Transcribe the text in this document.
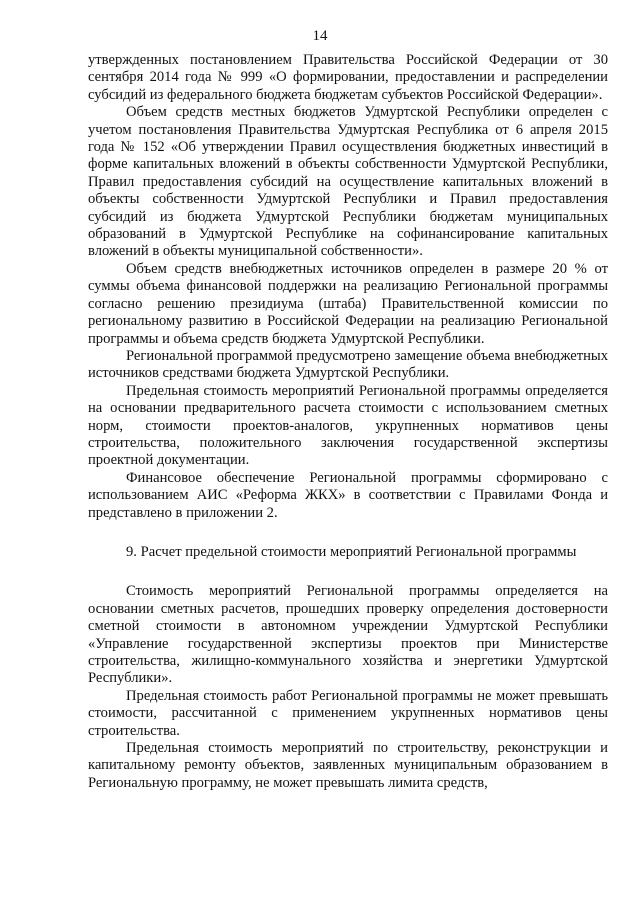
14

утвержденных постановлением Правительства Российской Федерации от 30 сентября 2014 года № 999 «О формировании, предоставлении и распределении субсидий из федерального бюджета бюджетам субъектов Российской Федерации».

Объем средств местных бюджетов Удмуртской Республики определен с учетом постановления Правительства Удмуртская Республика от 6 апреля 2015 года № 152 «Об утверждении Правил осуществления бюджетных инвестиций в форме капитальных вложений в объекты собственности Удмуртской Республики, Правил предоставления субсидий на осуществление капитальных вложений в объекты собственности Удмуртской Республики и Правил предоставления субсидий из бюджета Удмуртской Республики бюджетам муниципальных образований в Удмуртской Республике на софинансирование капитальных вложений в объекты муниципальной собственности».

Объем средств внебюджетных источников определен в размере 20 % от суммы объема финансовой поддержки на реализацию Региональной программы согласно решению президиума (штаба) Правительственной комиссии по региональному развитию в Российской Федерации на реализацию Региональной программы и объема средств бюджета Удмуртской Республики.

Региональной программой предусмотрено замещение объема внебюджетных источников средствами бюджета Удмуртской Республики.

Предельная стоимость мероприятий Региональной программы определяется на основании предварительного расчета стоимости с использованием сметных норм, стоимости проектов-аналогов, укрупненных нормативов цены строительства, положительного заключения государственной экспертизы проектной документации.

Финансовое обеспечение Региональной программы сформировано с использованием АИС «Реформа ЖКХ» в соответствии с Правилами Фонда и представлено в приложении 2.

9. Расчет предельной стоимости мероприятий Региональной программы

Стоимость мероприятий Региональной программы определяется на основании сметных расчетов, прошедших проверку определения достоверности сметной стоимости в автономном учреждении Удмуртской Республики «Управление государственной экспертизы проектов при Министерстве строительства, жилищно-коммунального хозяйства и энергетики Удмуртской Республики».

Предельная стоимость работ Региональной программы не может превышать стоимости, рассчитанной с применением укрупненных нормативов цены строительства.

Предельная стоимость мероприятий по строительству, реконструкции и капитальному ремонту объектов, заявленных муниципальным образованием в Региональную программу, не может превышать лимита средств,
